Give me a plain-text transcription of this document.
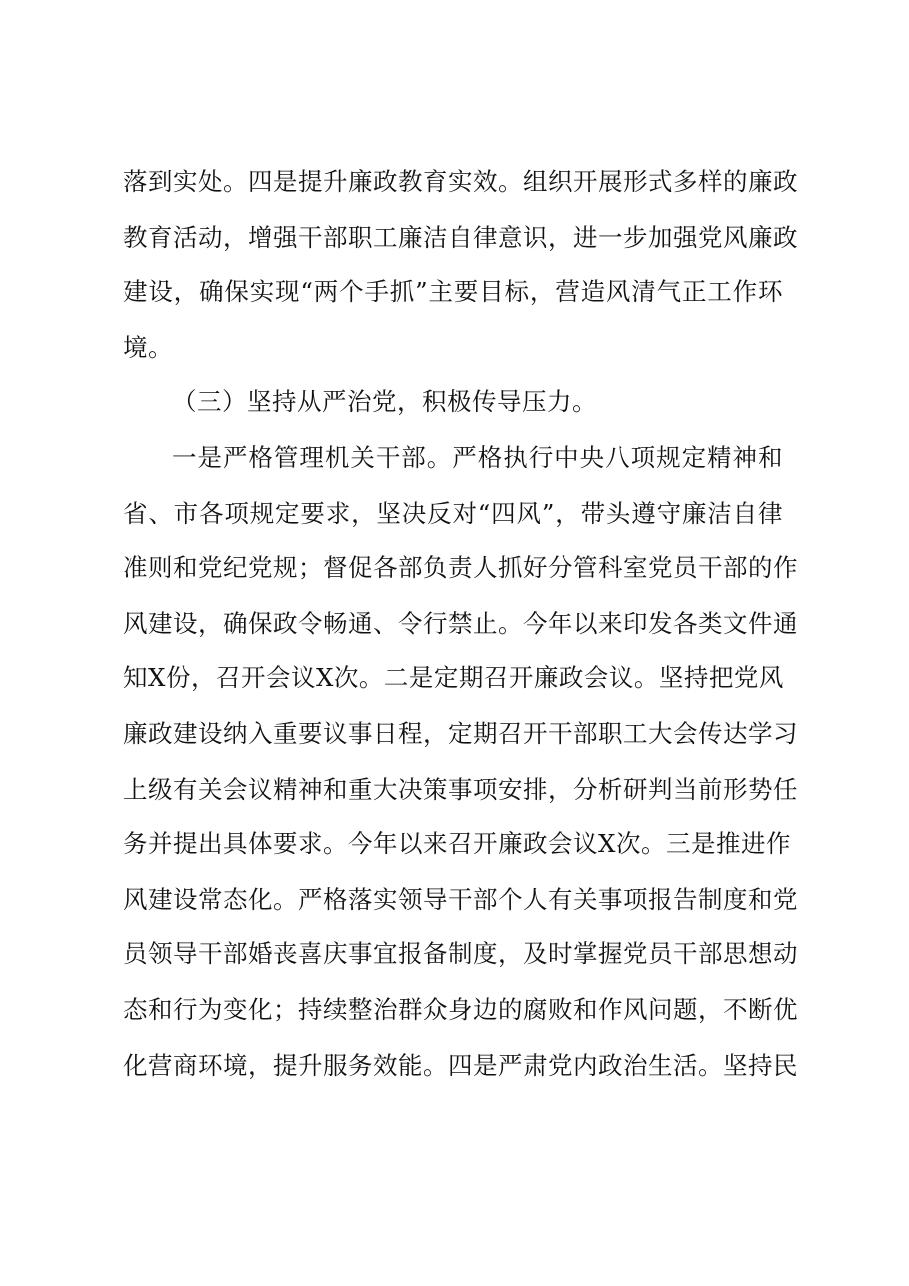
落到实处。四是提升廉政教育实效。组织开展形式多样的廉政
教育活动，增强干部职工廉洁自律意识，进一步加强党风廉政
建设，确保实现“两个手抓”主要目标，营造风清气正工作环
境。
（三）坚持从严治党，积极传导压力。
一是严格管理机关干部。严格执行中央八项规定精神和
省、市各项规定要求，坚决反对“四风”，带头遵守廉洁自律
准则和党纪党规；督促各部负责人抓好分管科室党员干部的作
风建设，确保政令畅通、令行禁止。今年以来印发各类文件通
知X份，召开会议X次。二是定期召开廉政会议。坚持把党风
廉政建设纳入重要议事日程，定期召开干部职工大会传达学习
上级有关会议精神和重大决策事项安排，分析研判当前形势任
务并提出具体要求。今年以来召开廉政会议X次。三是推进作
风建设常态化。严格落实领导干部个人有关事项报告制度和党
员领导干部婚丧喜庆事宜报备制度，及时掌握党员干部思想动
态和行为变化；持续整治群众身边的腐败和作风问题，不断优
化营商环境，提升服务效能。四是严肃党内政治生活。坚持民
